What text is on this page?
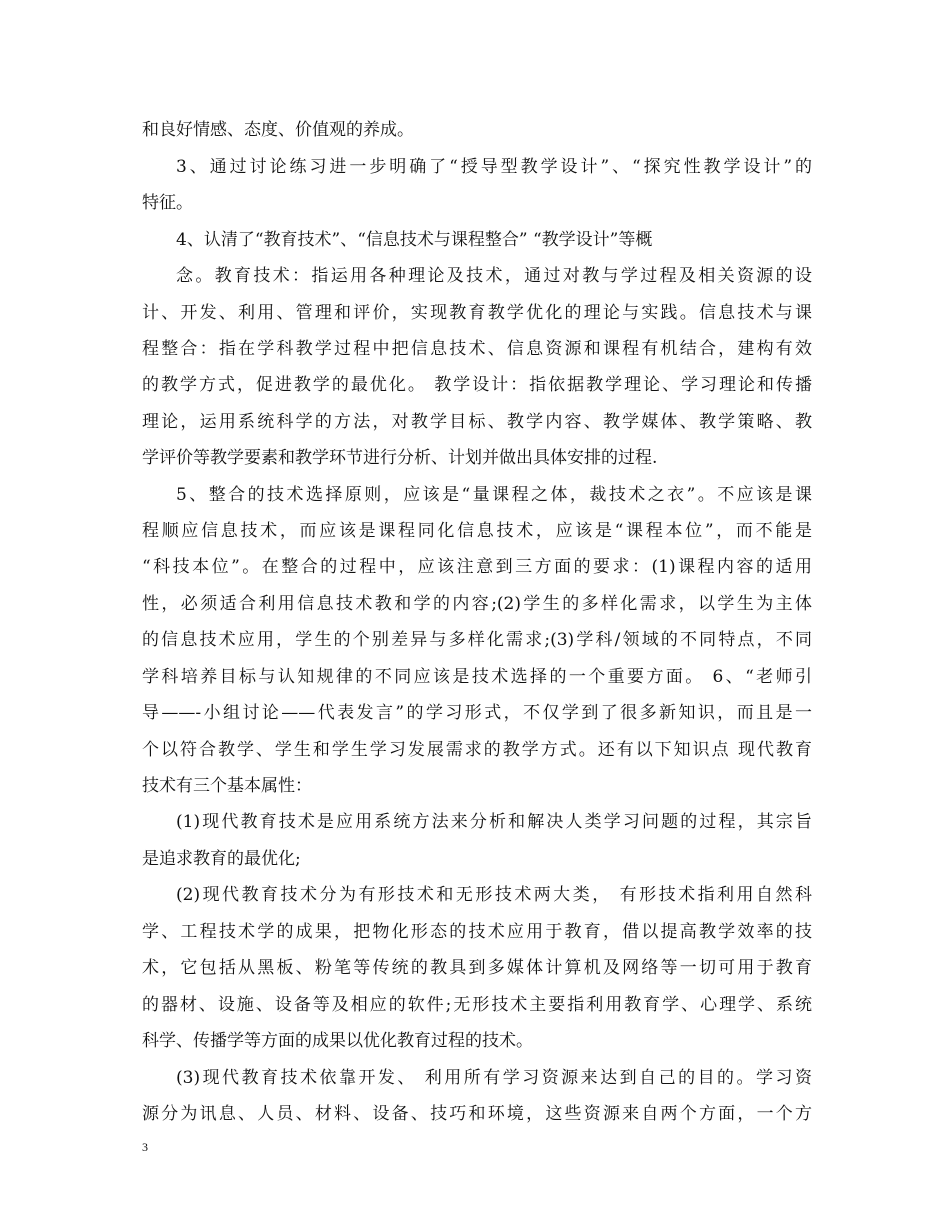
和良好情感、态度、价值观的养成。
3、通过讨论练习进一步明确了“授导型教学设计”、“探究性教学设计”的
特征。
4、认清了“教育技术”、“信息技术与课程整合” “教学设计”等概
念。教育技术：指运用各种理论及技术，通过对教与学过程及相关资源的设
计、开发、利用、管理和评价，实现教育教学优化的理论与实践。信息技术与课
程整合：指在学科教学过程中把信息技术、信息资源和课程有机结合，建构有效
的教学方式，促进教学的最优化。 教学设计：指依据教学理论、学习理论和传播
理论，运用系统科学的方法，对教学目标、教学内容、教学媒体、教学策略、教
学评价等教学要素和教学环节进行分析、计划并做出具体安排的过程.
5、整合的技术选择原则，应该是“量课程之体，裁技术之衣”。不应该是课
程顺应信息技术，而应该是课程同化信息技术，应该是“课程本位”，而不能是
“科技本位”。在整合的过程中，应该注意到三方面的要求：(1)课程内容的适用
性，必须适合利用信息技术教和学的内容;(2)学生的多样化需求，以学生为主体
的信息技术应用，学生的个别差异与多样化需求;(3)学科/领域的不同特点，不同
学科培养目标与认知规律的不同应该是技术选择的一个重要方面。 6、“老师引
导——-小组讨论——代表发言”的学习形式，不仅学到了很多新知识，而且是一
个以符合教学、学生和学生学习发展需求的教学方式。还有以下知识点 现代教育
技术有三个基本属性：
(1)现代教育技术是应用系统方法来分析和解决人类学习问题的过程，其宗旨
是追求教育的最优化;
(2)现代教育技术分为有形技术和无形技术两大类， 有形技术指利用自然科
学、工程技术学的成果，把物化形态的技术应用于教育，借以提高教学效率的技
术，它包括从黑板、粉笔等传统的教具到多媒体计算机及网络等一切可用于教育
的器材、设施、设备等及相应的软件;无形技术主要指利用教育学、心理学、系统
科学、传播学等方面的成果以优化教育过程的技术。
(3)现代教育技术依靠开发、 利用所有学习资源来达到自己的目的。学习资
源分为讯息、人员、材料、设备、技巧和环境，这些资源来自两个方面，一个方
3
